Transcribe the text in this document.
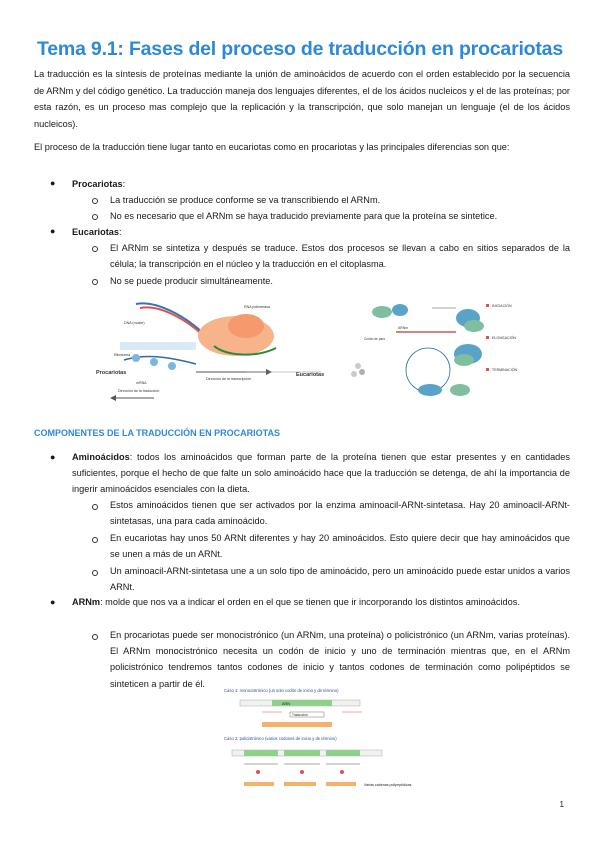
Tema 9.1: Fases del proceso de traducción en procariotas

La traducción es la síntesis de proteínas mediante la unión de aminoácidos de acuerdo con el orden establecido por la secuencia de ARNm y del código genético. La traducción maneja dos lenguajes diferentes, el de los ácidos nucleicos y el de las proteínas; por esta razón, es un proceso mas complejo que la replicación y la transcripción, que solo manejan un lenguaje (el de los ácidos nucleicos).

El proceso de la traducción tiene lugar tanto en eucariotas como en procariotas y las principales diferencias son que:

● Procariotas:
La traducción se produce conforme se va transcribiendo el ARNm.
No es necesario que el ARNm se haya traducido previamente para que la proteína se sintetice.
● Eucariotas:
El ARNm se sintetiza y después se traduce. Estos dos procesos se llevan a cabo en sitios separados de la célula; la transcripción en el núcleo y la traducción en el citoplasma.
No se puede producir simultáneamente.
Procariotas	Eucariotas
RNA polimerasa
DNA (molde)
Ribosoma
mRNA
Dirección de la transcripción
Dirección de la traducción
INICIACIÓN
ELONGACIÓN
TERMINACIÓN
ARNm
Codón de paro
COMPONENTES DE LA TRADUCCIÓN EN PROCARIOTAS
● Aminoácidos: todos los aminoácidos que forman parte de la proteína tienen que estar presentes y en cantidades suficientes, porque el hecho de que falte un solo aminoácido hace que la traducción se detenga, de ahí la importancia de ingerir aminoácidos esenciales con la dieta.
Estos aminoácidos tienen que ser activados por la enzima aminoacil-ARNt-sintetasa. Hay 20 aminoacil-ARNt-sintetasas, una para cada aminoácido.
En eucariotas hay unos 50 ARNt diferentes y hay 20 aminoácidos. Esto quiere decir que hay aminoácidos que se unen a más de un ARNt.
Un aminoacil-ARNt-sintetasa une a un solo tipo de aminoácido, pero un aminoácido puede estar unidos a varios ARNt.
● ARNm: molde que nos va a indicar el orden en el que se tienen que ir incorporando los distintos aminoácidos.
En procariotas puede ser monocistrónico (un ARNm, una proteína) o policistrónico (un ARNm, varias proteínas). El ARNm monocistrónico necesita un codón de inicio y uno de terminación mientras que, en el ARNm policistrónico tendremos tantos codones de inicio y tantos codones de terminación como polipéptidos se sinteticen a partir de él.
Caso 1: monocistrónico (un solo codón de inicio y de término)
ARN
Traducción
Caso 2: policistrónico (varios codones de inicio y de término)
Varias cadenas polipeptídicas
1
